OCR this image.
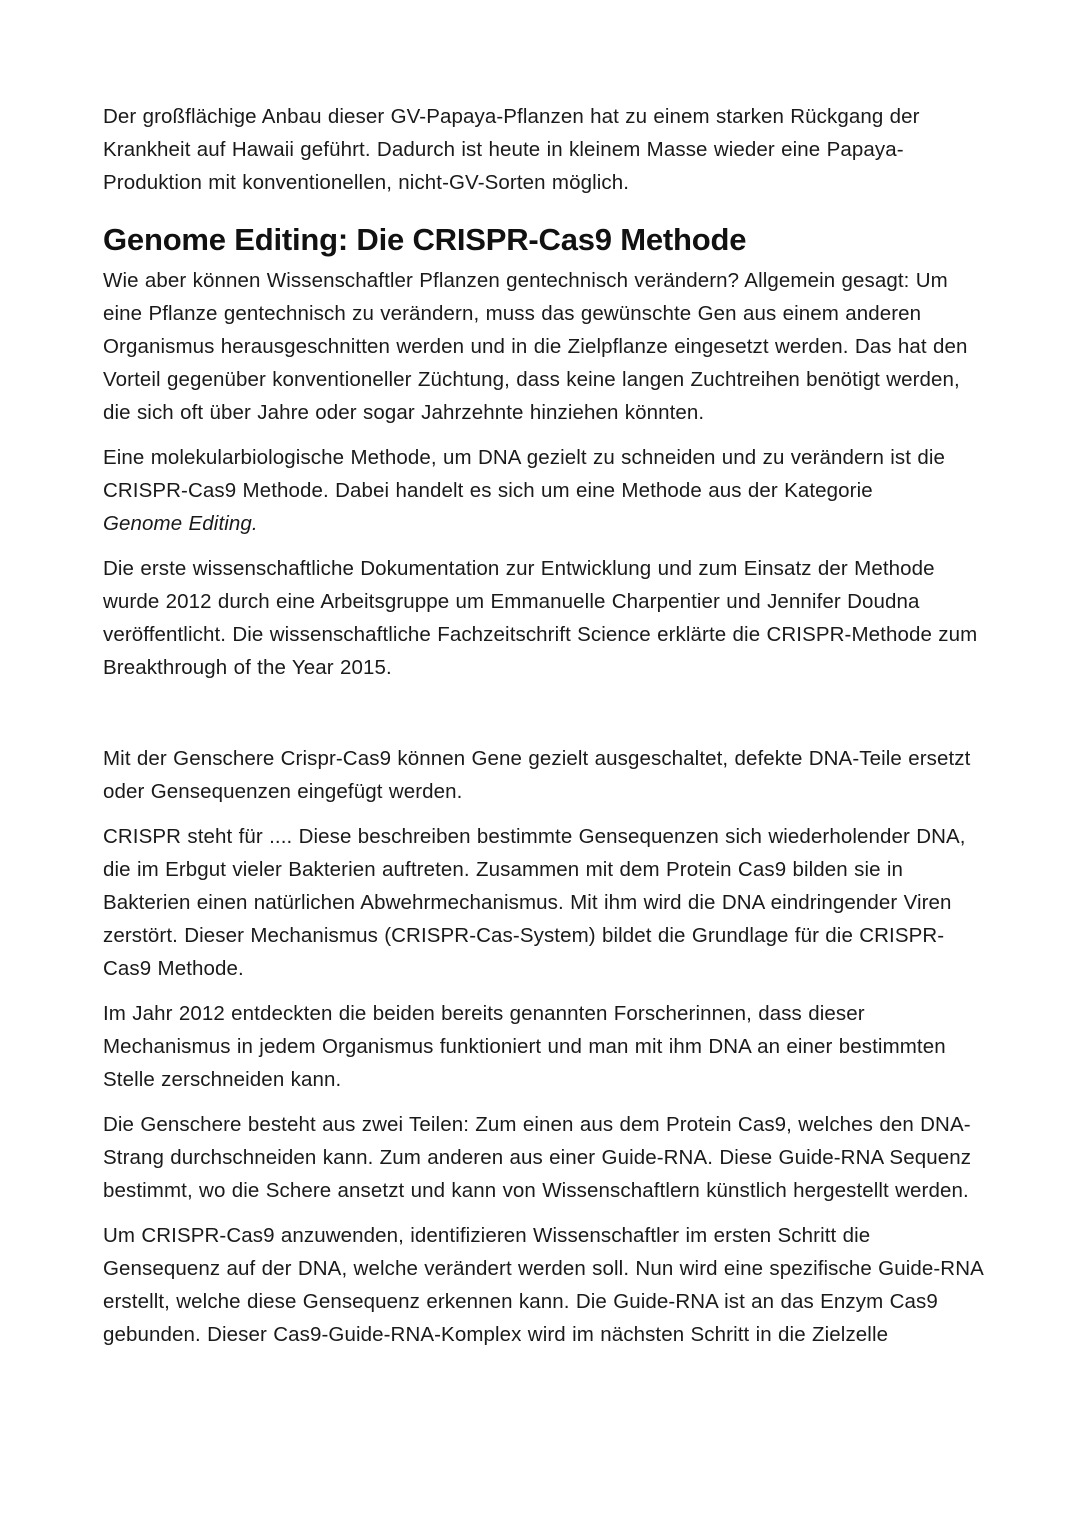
Der großflächige Anbau dieser GV-Papaya-Pflanzen hat zu einem starken Rückgang der Krankheit auf Hawaii geführt. Dadurch ist heute in kleinem Masse wieder eine Papaya-Produktion mit konventionellen, nicht-GV-Sorten möglich.

Genome Editing: Die CRISPR-Cas9 Methode

Wie aber können Wissenschaftler Pflanzen gentechnisch verändern? Allgemein gesagt: Um eine Pflanze gentechnisch zu verändern, muss das gewünschte Gen aus einem anderen Organismus herausgeschnitten werden und in die Zielpflanze eingesetzt werden. Das hat den Vorteil gegenüber konventioneller Züchtung, dass keine langen Zuchtreihen benötigt werden, die sich oft über Jahre oder sogar Jahrzehnte hinziehen könnten.

Eine molekularbiologische Methode, um DNA gezielt zu schneiden und zu verändern ist die CRISPR-Cas9 Methode. Dabei handelt es sich um eine Methode aus der Kategorie
Genome Editing.

Die erste wissenschaftliche Dokumentation zur Entwicklung und zum Einsatz der Methode wurde 2012 durch eine Arbeitsgruppe um Emmanuelle Charpentier und Jennifer Doudna veröffentlicht. Die wissenschaftliche Fachzeitschrift Science erklärte die CRISPR-Methode zum Breakthrough of the Year 2015.

Mit der Genschere Crispr-Cas9 können Gene gezielt ausgeschaltet, defekte DNA-Teile ersetzt oder Gensequenzen eingefügt werden.

CRISPR steht für .... Diese beschreiben bestimmte Gensequenzen sich wiederholender DNA, die im Erbgut vieler Bakterien auftreten. Zusammen mit dem Protein Cas9 bilden sie in Bakterien einen natürlichen Abwehrmechanismus. Mit ihm wird die DNA eindringender Viren zerstört. Dieser Mechanismus (CRISPR-Cas-System) bildet die Grundlage für die CRISPR-Cas9 Methode.

Im Jahr 2012 entdeckten die beiden bereits genannten Forscherinnen, dass dieser Mechanismus in jedem Organismus funktioniert und man mit ihm DNA an einer bestimmten Stelle zerschneiden kann.

Die Genschere besteht aus zwei Teilen: Zum einen aus dem Protein Cas9, welches den DNA-Strang durchschneiden kann. Zum anderen aus einer Guide-RNA. Diese Guide-RNA Sequenz bestimmt, wo die Schere ansetzt und kann von Wissenschaftlern künstlich hergestellt werden.

Um CRISPR-Cas9 anzuwenden, identifizieren Wissenschaftler im ersten Schritt die Gensequenz auf der DNA, welche verändert werden soll. Nun wird eine spezifische Guide-RNA erstellt, welche diese Gensequenz erkennen kann. Die Guide-RNA ist an das Enzym Cas9 gebunden. Dieser Cas9-Guide-RNA-Komplex wird im nächsten Schritt in die Zielzelle
